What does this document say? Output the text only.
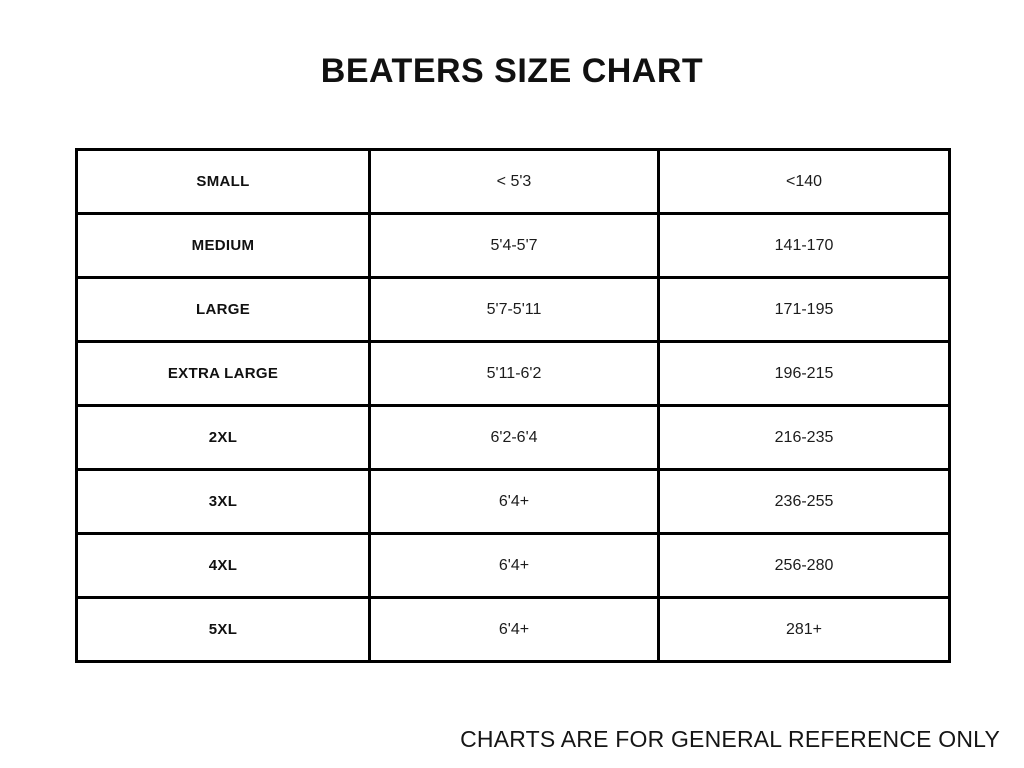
BEATERS SIZE CHART
SMALL	< 5'3	<140
MEDIUM	5'4-5'7	141-170
LARGE	5'7-5'11	171-195
EXTRA LARGE	5'11-6'2	196-215
2XL	6'2-6'4	216-235
3XL	6'4+	236-255
4XL	6'4+	256-280
5XL	6'4+	281+
CHARTS ARE FOR GENERAL REFERENCE ONLY
